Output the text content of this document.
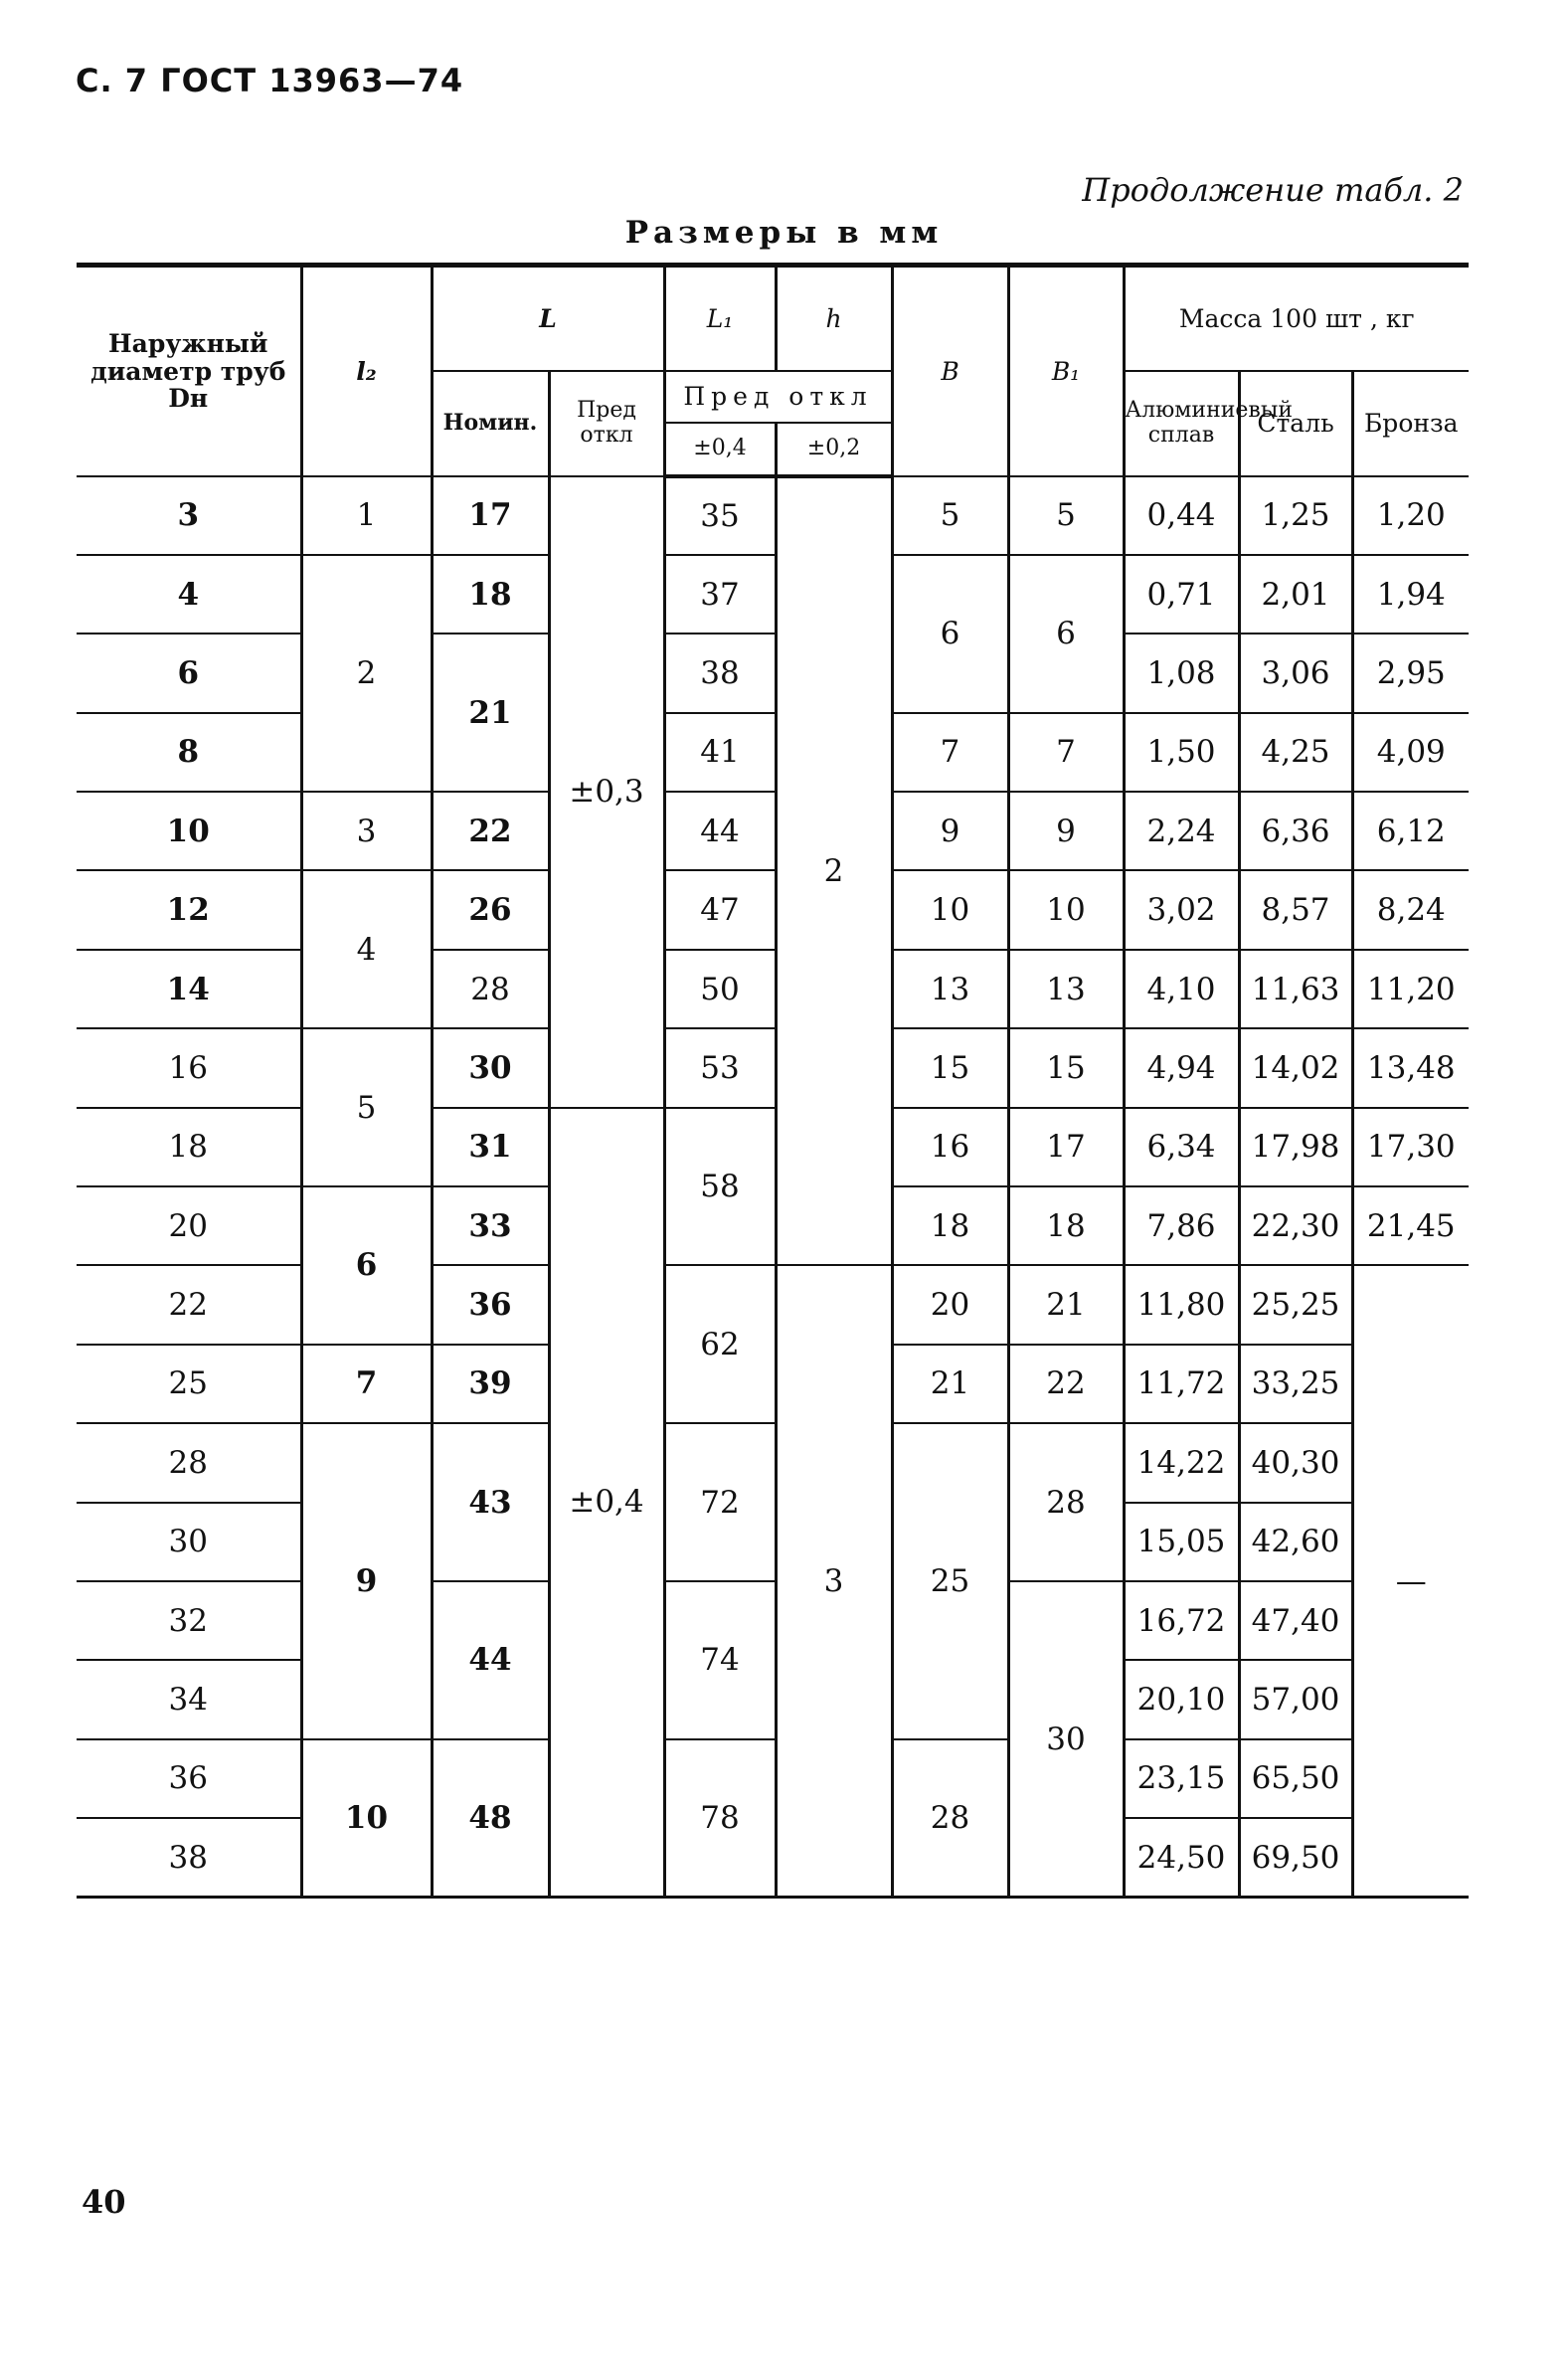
С. 7 ГОСТ 13963—74
Продолжение табл. 2
Размеры в мм
Наружный диаметр труб Dн	l₂	L		L₁	h	B	B₁	Масса 100 шт , кг		
		Номин.	Пред откл	Пред откл				Алюминиевый сплав	Сталь	Бронза
				±0,4	±0,2					
3	1	17	±0,3	35	2	5	5	0,44	1,25	1,20
4	2	18		37		6	6	0,71	2,01	1,94
6		21		38				1,08	3,06	2,95
8				41		7	7	1,50	4,25	4,09
10	3	22		44		9	9	2,24	6,36	6,12
12	4	26		47		10	10	3,02	8,57	8,24
14		28		50		13	13	4,10	11,63	11,20
16	5	30		53		15	15	4,94	14,02	13,48
18		31	±0,4	58		16	17	6,34	17,98	17,30
20	6	33				18	18	7,86	22,30	21,45
22		36		62	3	20	21	11,80	25,25	—
25	7	39				21	22	11,72	33,25	
28	9	43		72		25	28	14,22	40,30	
30								15,05	42,60	
32		44		74			30	16,72	47,40	
34								20,10	57,00	
36	10	48		78		28		23,15	65,50	
38								24,50	69,50	
40
